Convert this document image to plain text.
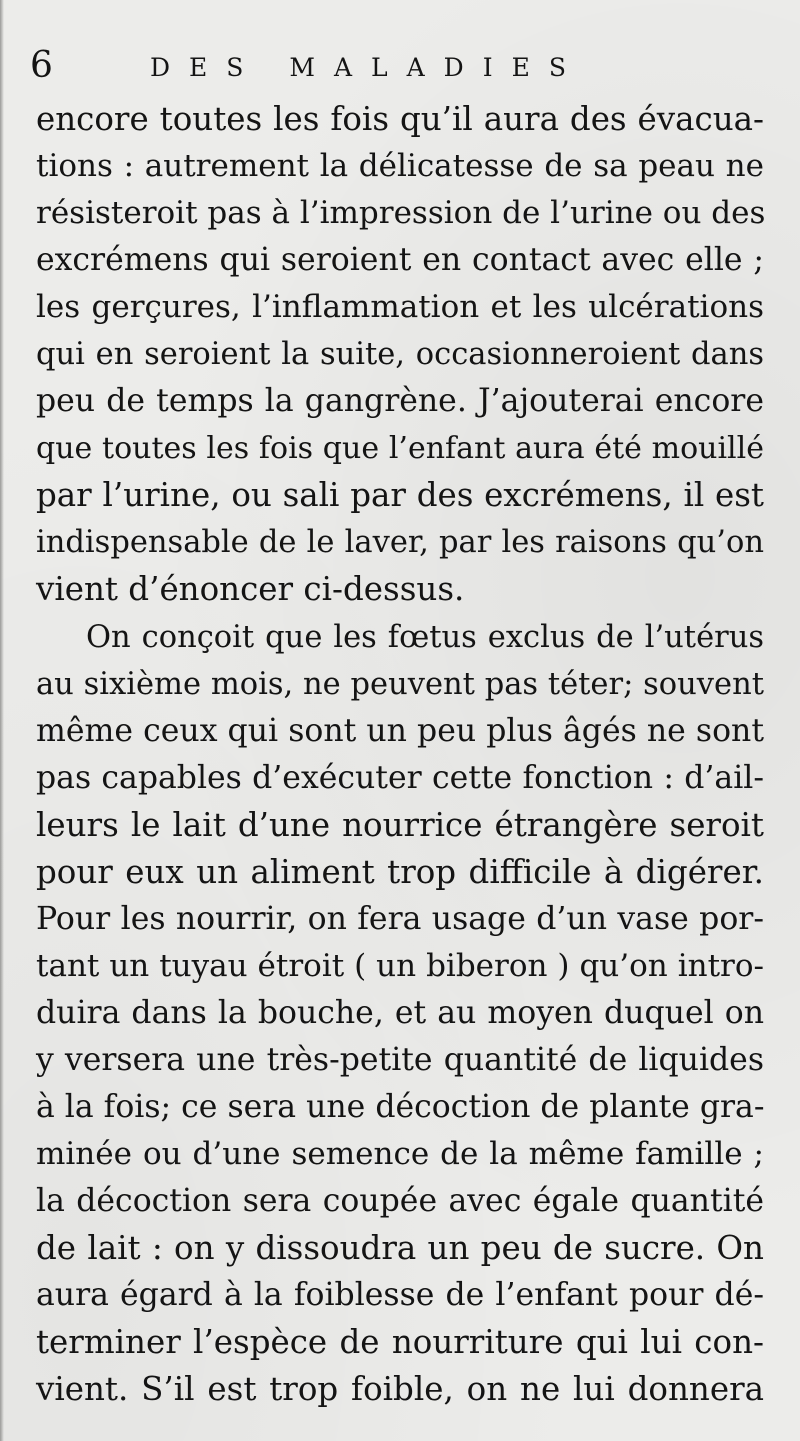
6	DES MALADIES
encore toutes les fois qu’il aura des évacua-
tions : autrement la délicatesse de sa peau ne
résisteroit pas à l’impression de l’urine ou des
excrémens qui seroient en contact avec elle ;
les gerçures, l’inflammation et les ulcérations
qui en seroient la suite, occasionneroient dans
peu de temps la gangrène. J’ajouterai encore
que toutes les fois que l’enfant aura été mouillé
par l’urine, ou sali par des excrémens, il est
indispensable de le laver, par les raisons qu’on
vient d’énoncer ci-dessus.
On conçoit que les fœtus exclus de l’utérus
au sixième mois, ne peuvent pas téter; souvent
même ceux qui sont un peu plus âgés ne sont
pas capables d’exécuter cette fonction : d’ail-
leurs le lait d’une nourrice étrangère seroit
pour eux un aliment trop difficile à digérer.
Pour les nourrir, on fera usage d’un vase por-
tant un tuyau étroit ( un biberon ) qu’on intro-
duira dans la bouche, et au moyen duquel on
y versera une très-petite quantité de liquides
à la fois; ce sera une décoction de plante gra-
minée ou d’une semence de la même famille ;
la décoction sera coupée avec égale quantité
de lait : on y dissoudra un peu de sucre. On
aura égard à la foiblesse de l’enfant pour dé-
terminer l’espèce de nourriture qui lui con-
vient. S’il est trop foible, on ne lui donnera
